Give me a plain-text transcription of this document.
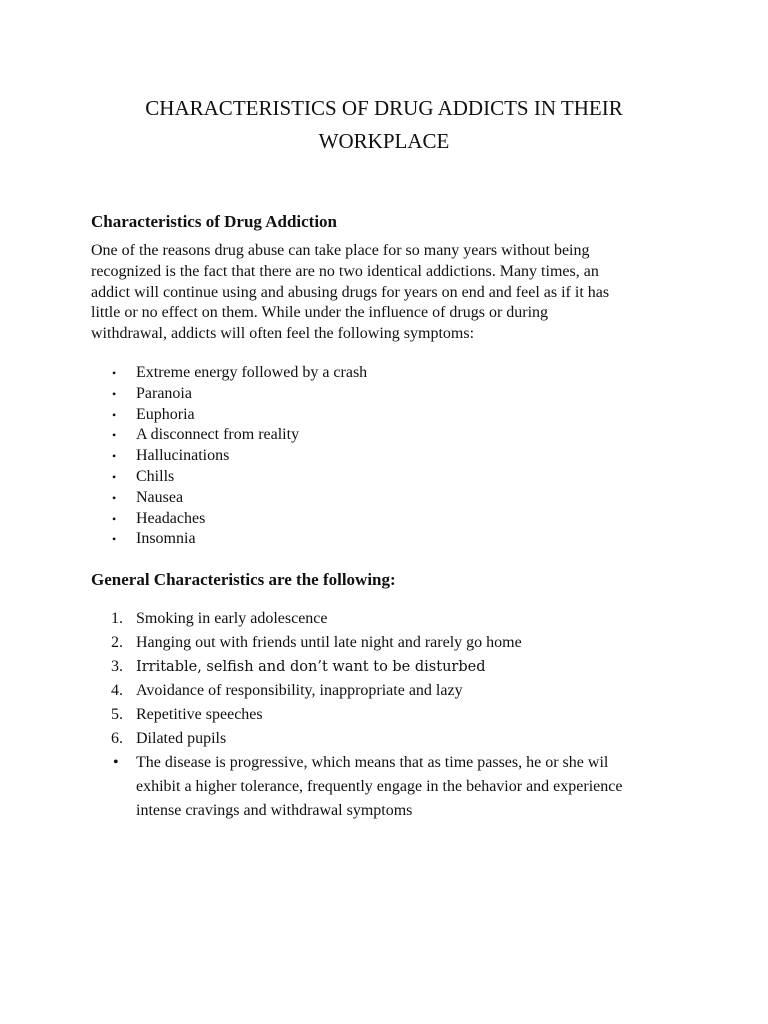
CHARACTERISTICS OF DRUG ADDICTS IN THEIR
WORKPLACE
Characteristics of Drug Addiction

One of the reasons drug abuse can take place for so many years without being
recognized is the fact that there are no two identical addictions. Many times, an
addict will continue using and abusing drugs for years on end and feel as if it has
little or no effect on them. While under the influence of drugs or during
withdrawal, addicts will often feel the following symptoms:

• Extreme energy followed by a crash
• Paranoia
• Euphoria
• A disconnect from reality
• Hallucinations
• Chills
• Nausea
• Headaches
• Insomnia
General Characteristics are the following:
1. Smoking in early adolescence
2. Hanging out with friends until late night and rarely go home
3. Irritable, selfish and don’t want to be disturbed
4. Avoidance of responsibility, inappropriate and lazy
5. Repetitive speeches
6. Dilated pupils
• The disease is progressive, which means that as time passes, he or she wil
exhibit a higher tolerance, frequently engage in the behavior and experience
intense cravings and withdrawal symptoms
